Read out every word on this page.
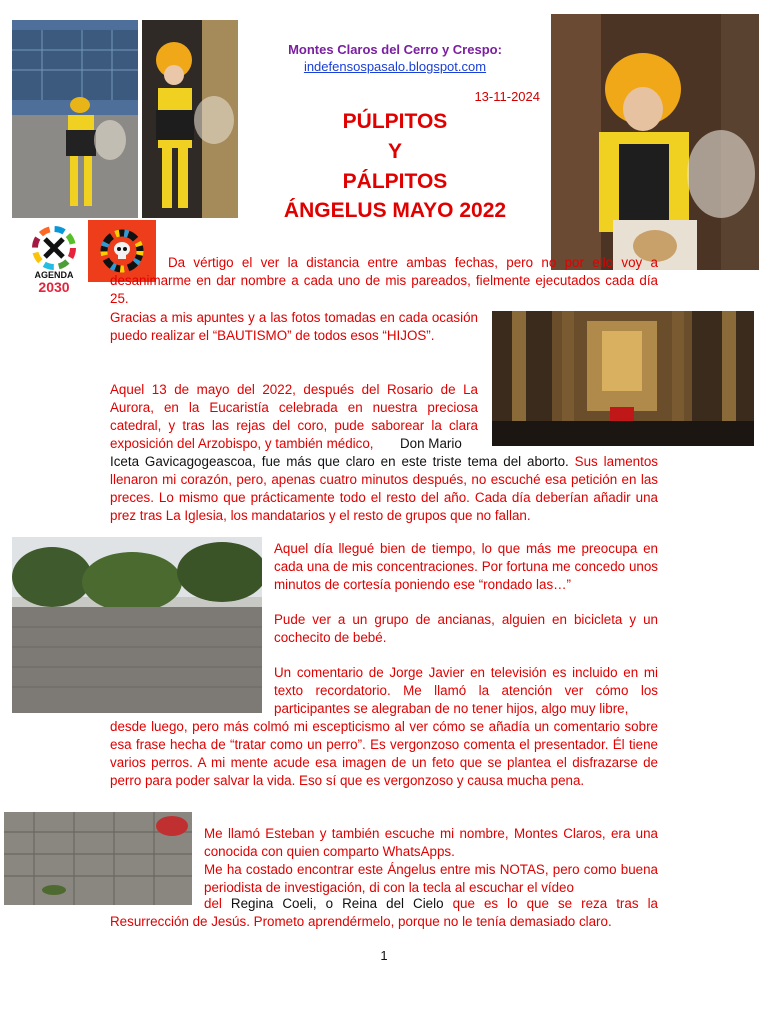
Montes Claros del Cerro y Crespo:
indefensospasalo.blogspot.com
13-11-2024
PÚLPITOS
Y
PÁLPITOS
ÁNGELUS MAYO 2022
AGENDA
2030
Da vértigo el ver la distancia entre ambas fechas, pero no por ello voy a desanimarme en dar nombre a cada uno de mis pareados, fielmente ejecutados cada día 25.
Gracias a mis apuntes y a las fotos tomadas en cada ocasión puedo realizar el “BAUTISMO” de todos esos “HIJOS”.
Aquel 13 de mayo del 2022, después del Rosario de La Aurora, en la Eucaristía celebrada en nuestra preciosa catedral, y tras las rejas del coro, pude saborear la clara exposición del Arzobispo, y también médico,	Don Mario
Iceta Gavicagogeascoa, fue más que claro en este triste tema del aborto. Sus lamentos llenaron mi corazón, pero, apenas cuatro minutos después, no escuché esa petición en las preces. Lo mismo que prácticamente todo el resto del año. Cada día deberían añadir una prez tras La Iglesia, los mandatarios y el resto de grupos que no fallan.
Aquel día llegué bien de tiempo, lo que más me preocupa en cada una de mis concentraciones. Por fortuna me concedo unos minutos de cortesía poniendo ese “rondado las…”
Pude ver a un grupo de ancianas, alguien en bicicleta y un cochecito de bebé.
Un comentario de Jorge Javier en televisión es incluido en mi texto recordatorio. Me llamó la atención ver cómo los participantes se alegraban de no tener hijos, algo muy libre,
desde luego, pero más colmó mi escepticismo al ver cómo se añadía un comentario sobre esa frase hecha de “tratar como un perro”. Es vergonzoso comenta el presentador. Él tiene varios perros. A mi mente acude esa imagen de un feto que se plantea el disfrazarse de perro para poder salvar la vida. Eso sí que es vergonzoso y causa mucha pena.
Me llamó Esteban y también escuche mi nombre, Montes Claros, era una conocida con quien comparto WhatsApps.
Me ha costado encontrar este Ángelus entre mis NOTAS, pero como buena periodista de investigación, di con la tecla al escuchar el vídeo
del Regina Coeli, o Reina del Cielo que es lo que se reza tras la Resurrección de Jesús. Prometo aprendérmelo, porque no le tenía demasiado claro.
1
